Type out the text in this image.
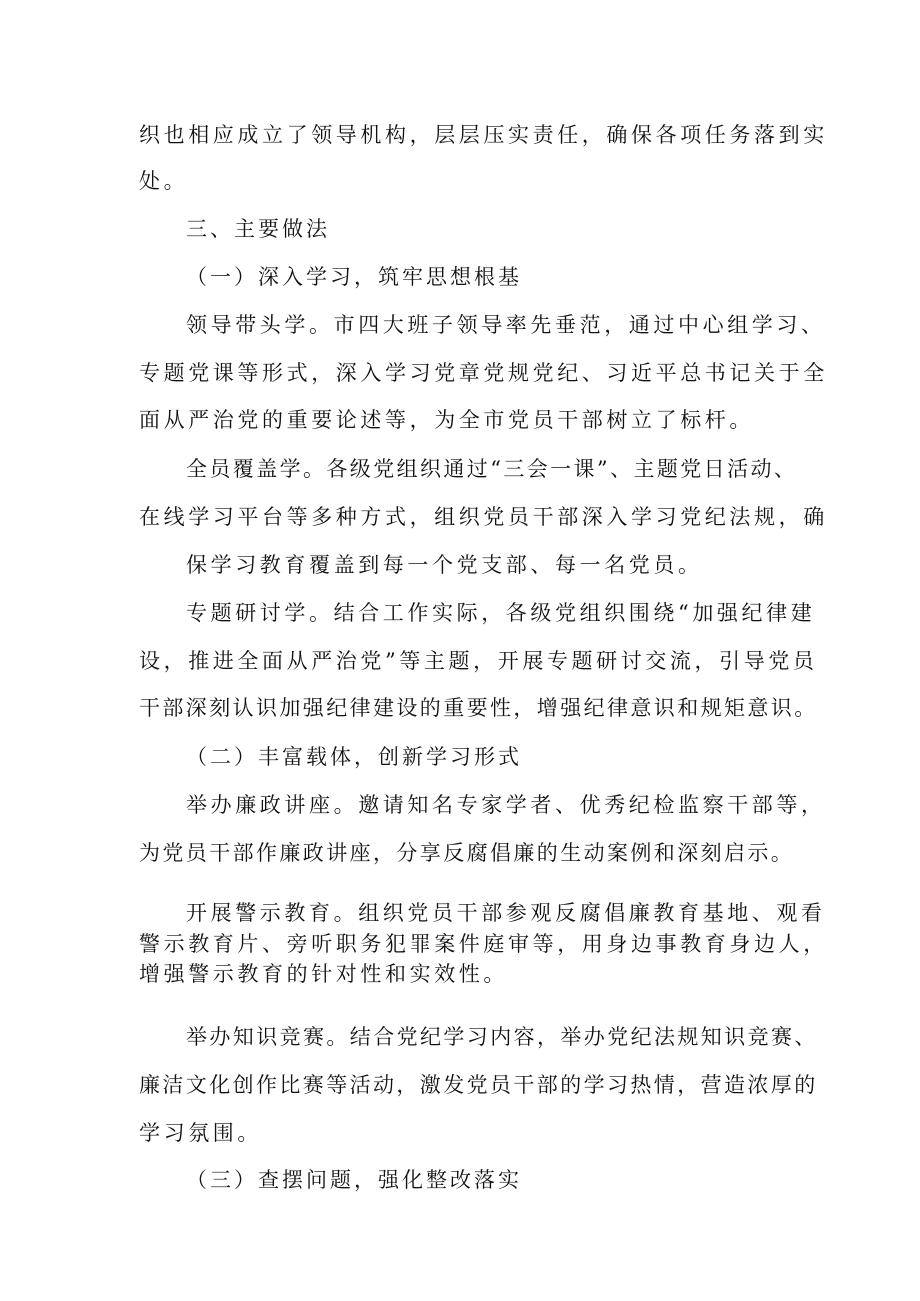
织也相应成立了领导机构，层层压实责任，确保各项任务落到实
处。
三、主要做法
（一）深入学习，筑牢思想根基
领导带头学。市四大班子领导率先垂范，通过中心组学习、
专题党课等形式，深入学习党章党规党纪、习近平总书记关于全
面从严治党的重要论述等，为全市党员干部树立了标杆。
全员覆盖学。各级党组织通过“三会一课”、主题党日活动、
在线学习平台等多种方式，组织党员干部深入学习党纪法规，确
保学习教育覆盖到每一个党支部、每一名党员。
专题研讨学。结合工作实际，各级党组织围绕“加强纪律建
设，推进全面从严治党”等主题，开展专题研讨交流，引导党员
干部深刻认识加强纪律建设的重要性，增强纪律意识和规矩意识。
（二）丰富载体，创新学习形式
举办廉政讲座。邀请知名专家学者、优秀纪检监察干部等，
为党员干部作廉政讲座，分享反腐倡廉的生动案例和深刻启示。
开展警示教育。组织党员干部参观反腐倡廉教育基地、观看
警示教育片、旁听职务犯罪案件庭审等，用身边事教育身边人，
增强警示教育的针对性和实效性。
举办知识竞赛。结合党纪学习内容，举办党纪法规知识竞赛、
廉洁文化创作比赛等活动，激发党员干部的学习热情，营造浓厚的
学习氛围。
（三）查摆问题，强化整改落实
